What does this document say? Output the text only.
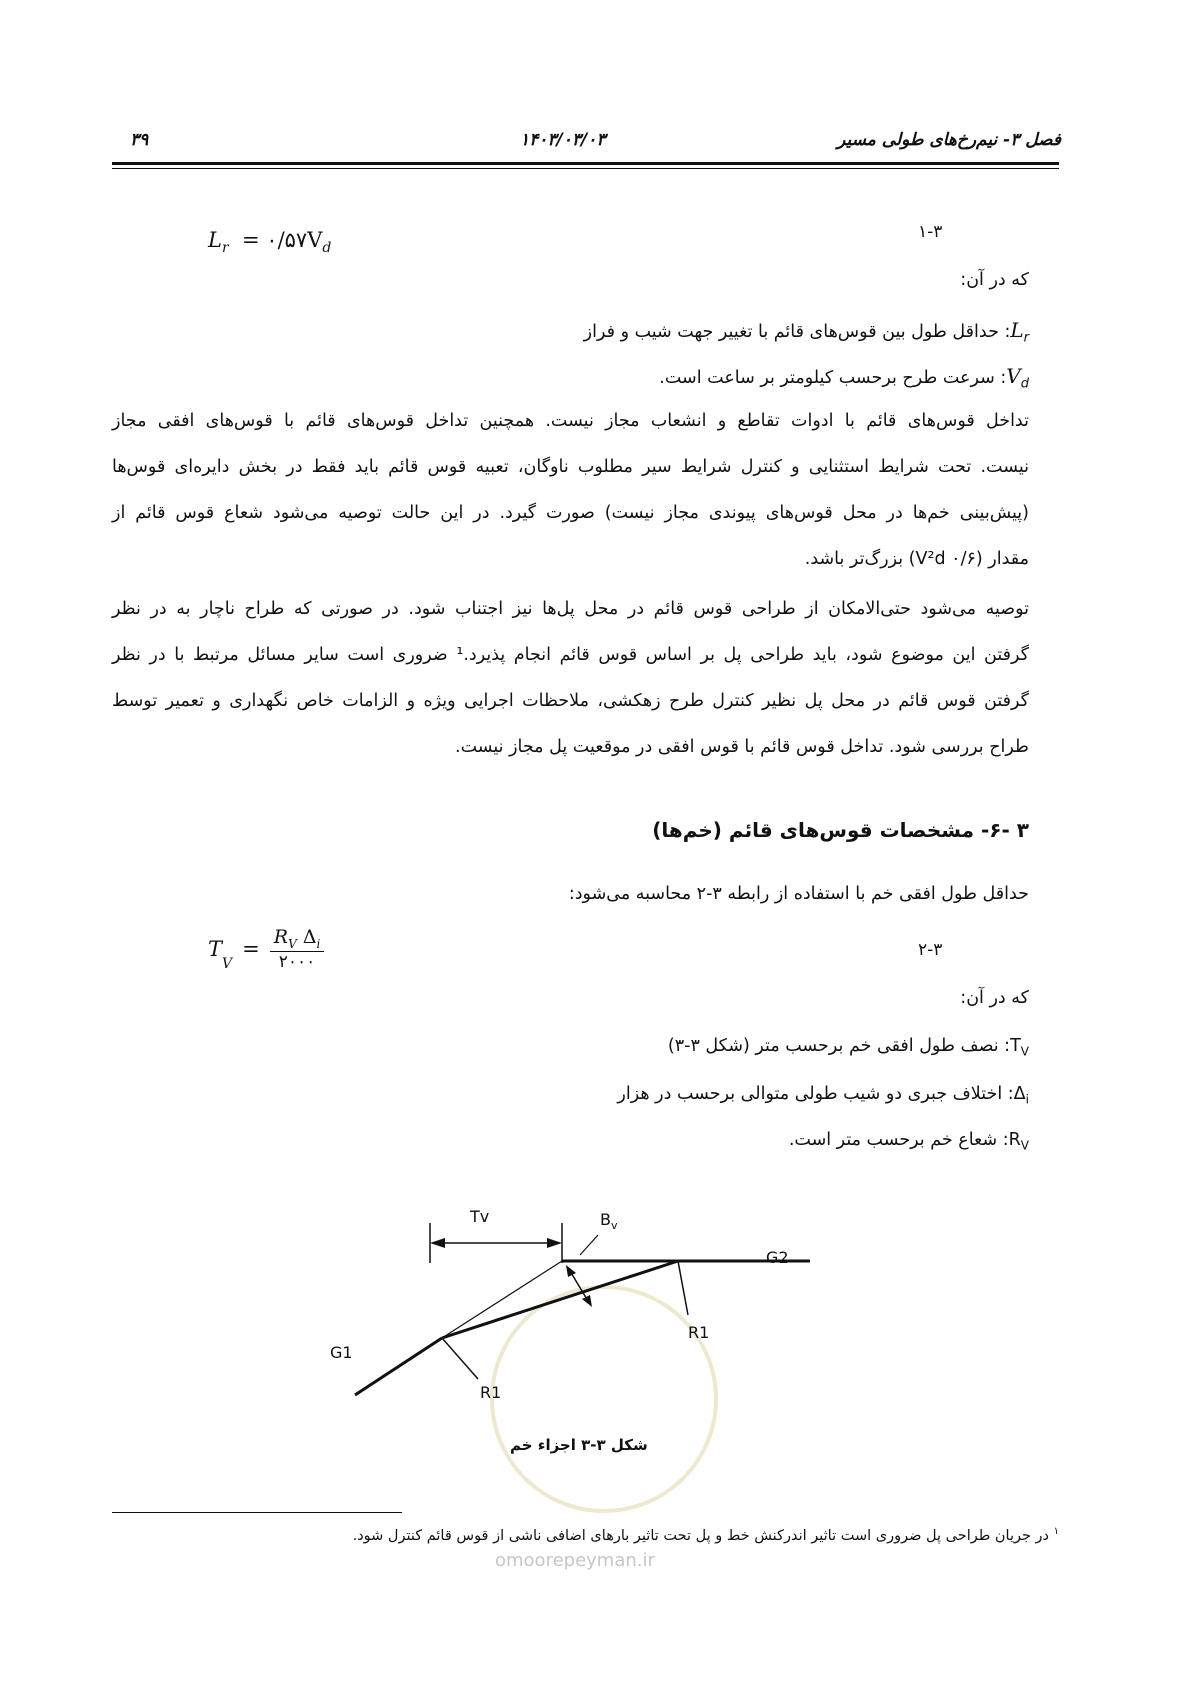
۳۹	۱۴۰۳/۰۳/۰۳	فصل ۳- نیم‌رخ‌های طولی مسیر
$L_r$ = $۰/۵۷V_d$
۱-۳
که در آن:
$L_r$: حداقل طول بین قوس‌های قائم با تغییر جهت شیب و فراز
$V_d$: سرعت طرح برحسب کیلومتر بر ساعت است.
تداخل قوس‌های قائم با ادوات تقاطع و انشعاب مجاز نیست. همچنین تداخل قوس‌های قائم با قوس‌های افقی مجاز
نیست. تحت شرایط استثنایی و کنترل شرایط سیر مطلوب ناوگان، تعبیه قوس قائم باید فقط در بخش دایره‌ای قوس‌ها
(پیش‌بینی خم‌ها در محل قوس‌های پیوندی مجاز نیست) صورت گیرد. در این حالت توصیه می‌شود شعاع قوس قائم از
مقدار (۰/۶ V²d) بزرگ‌تر باشد.
توصیه می‌شود حتی‌الامکان از طراحی قوس قائم در محل پل‌ها نیز اجتناب شود. در صورتی که طراح ناچار به در نظر
گرفتن این موضوع شود، باید طراحی پل بر اساس قوس قائم انجام پذیرد.¹ ضروری است سایر مسائل مرتبط با در نظر
گرفتن قوس قائم در محل پل نظیر کنترل طرح زهکشی، ملاحظات اجرایی ویژه و الزامات خاص نگهداری و تعمیر توسط
طراح بررسی شود. تداخل قوس قائم با قوس افقی در موقعیت پل مجاز نیست.
۳ -۶- مشخصات قوس‌های قائم (خم‌ها)
حداقل طول افقی خم با استفاده از رابطه ۳-۲ محاسبه می‌شود:
T
$_V$
= $R_V$ $\Delta_i$
۲۰۰۰
۲-۳
که در آن:
$T_V$: نصف طول افقی خم برحسب متر (شکل ۳-۳)
$\Delta_i$: اختلاف جبری دو شیب طولی متوالی برحسب در هزار
$R_V$: شعاع خم برحسب متر است.
Tv	$B_v$
G2
G1
R1
R1
شکل ۳-۳ اجزاء خم
$^۱$ در جریان طراحی پل ضروری است تاثیر اندرکنش خط و پل تحت تاثیر بارهای اضافی ناشی از قوس قائم کنترل شود.
omoorepeyman.ir
